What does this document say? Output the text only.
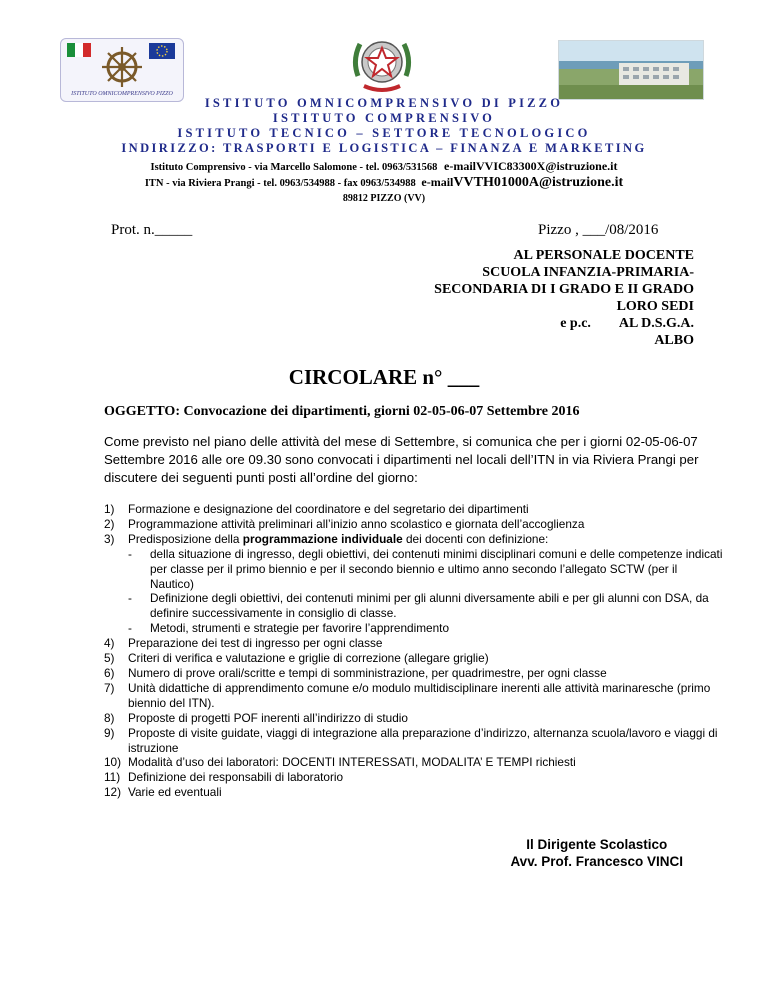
ISTITUTO OMNICOMPRENSIVO PIZZO
ISTITUTO OMNICOMPRENSIVO DI PIZZO
ISTITUTO COMPRENSIVO
ISTITUTO TECNICO – SETTORE TECNOLOGICO
INDIRIZZO: TRASPORTI E LOGISTICA – FINANZA E MARKETING
Istituto Comprensivo - via Marcello Salomone - tel. 0963/531568 e-mailVVIC83300X@istruzione.it
ITN - via Riviera Prangi - tel. 0963/534988 - fax 0963/534988 e-mailVVTH01000A@istruzione.it
89812 PIZZO (VV)
Prot. n._____	Pizzo , ___/08/2016
AL PERSONALE DOCENTE
SCUOLA INFANZIA-PRIMARIA-
SECONDARIA DI I GRADO E II GRADO
LORO SEDI
e p.c. AL D.S.G.A.
ALBO
CIRCOLARE n° ___
OGGETTO: Convocazione dei dipartimenti, giorni 02-05-06-07 Settembre 2016
Come previsto nel piano delle attività del mese di Settembre, si comunica che per i giorni 02-05-06-07 Settembre 2016 alle ore 09.30 sono convocati i dipartimenti nel locali dell’ITN in via Riviera Prangi per discutere dei seguenti punti posti all’ordine del giorno:
1) Formazione e designazione del coordinatore e del segretario dei dipartimenti
2) Programmazione attività preliminari all’inizio anno scolastico e giornata dell’accoglienza
3) Predisposizione della programmazione individuale dei docenti con definizione:
- della situazione di ingresso, degli obiettivi, dei contenuti minimi disciplinari comuni e delle competenze indicati per classe per il primo biennio e per il secondo biennio e ultimo anno secondo l’allegato SCTW (per il Nautico)
- Definizione degli obiettivi, dei contenuti minimi per gli alunni diversamente abili e per gli alunni con DSA, da definire successivamente in consiglio di classe.
- Metodi, strumenti e strategie per favorire l’apprendimento
4) Preparazione dei test di ingresso per ogni classe
5) Criteri di verifica e valutazione e griglie di correzione (allegare griglie)
6) Numero di prove orali/scritte e tempi di somministrazione, per quadrimestre, per ogni classe
7) Unità didattiche di apprendimento comune e/o modulo multidisciplinare inerenti alle attività marinaresche (primo biennio del ITN).
8) Proposte di progetti POF inerenti all’indirizzo di studio
9) Proposte di visite guidate, viaggi di integrazione alla preparazione d’indirizzo, alternanza scuola/lavoro e viaggi di istruzione
10) Modalità d’uso dei laboratori: DOCENTI INTERESSATI, MODALITA’ E TEMPI richiesti
11) Definizione dei responsabili di laboratorio
12) Varie ed eventuali
Il Dirigente Scolastico
Avv. Prof. Francesco VINCI
